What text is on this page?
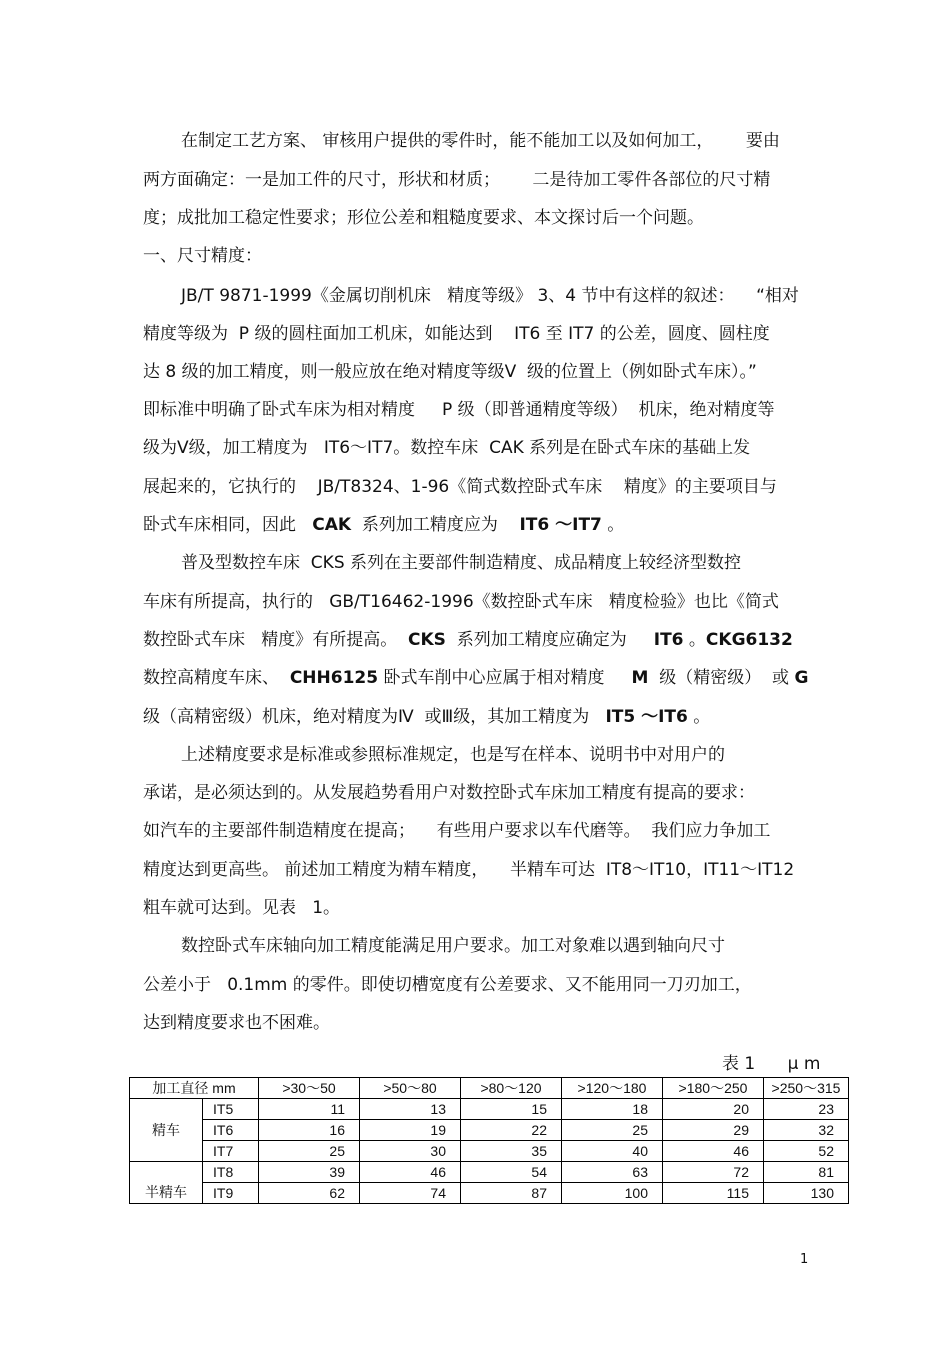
在制定工艺方案、 审核用户提供的零件时，能不能加工以及如何加工，      要由
两方面确定：一是加工件的尺寸，形状和材质；      二是待加工零件各部位的尺寸精
度；成批加工稳定性要求；形位公差和粗糙度要求、本文探讨后一个问题。
一、尺寸精度：
JB/T 9871-1999《金属切削机床   精度等级》 3、4 节中有这样的叙述：    “相对
精度等级为  P 级的圆柱面加工机床，如能达到    IT6 至 IT7 的公差，圆度、圆柱度
达 8 级的加工精度，则一般应放在绝对精度等级Ⅴ  级的位置上（例如卧式车床）。”
即标准中明确了卧式车床为相对精度     P 级（即普通精度等级）  机床，绝对精度等
级为Ⅴ级，加工精度为   IT6～IT7。数控车床  CAK 系列是在卧式车床的基础上发
展起来的，它执行的    JB/T8324、1-96《简式数控卧式车床    精度》的主要项目与
卧式车床相同，因此   CAK  系列加工精度应为    IT6 ～IT7 。
普及型数控车床  CKS 系列在主要部件制造精度、成品精度上较经济型数控
车床有所提高，执行的   GB/T16462-1996《数控卧式车床   精度检验》也比《简式
数控卧式车床   精度》有所提高。  CKS  系列加工精度应确定为     IT6 。CKG6132
数控高精度车床、  CHH6125 卧式车削中心应属于相对精度     M  级（精密级）  或 G
级（高精密级）机床，绝对精度为Ⅳ  或Ⅲ级，其加工精度为   IT5 ～IT6 。
上述精度要求是标准或参照标准规定，也是写在样本、说明书中对用户的
承诺，是必须达到的。从发展趋势看用户对数控卧式车床加工精度有提高的要求：
如汽车的主要部件制造精度在提高；    有些用户要求以车代磨等。  我们应力争加工
精度达到更高些。 前述加工精度为精车精度，    半精车可达  IT8～IT10，IT11～IT12
粗车就可达到。见表   1。
数控卧式车床轴向加工精度能满足用户要求。加工对象难以遇到轴向尺寸
公差小于   0.1mm 的零件。即使切槽宽度有公差要求、又不能用同一刀刃加工，
达到精度要求也不困难。
表 1      μ m
加工直径 mm		>30～50	>50～80	>80～120	>120～180	>180～250	>250～315
精车	IT5	11	13	15	18	20	23
	IT6	16	19	22	25	29	32
	IT7	25	30	35	40	46	52
半精车	IT8	39	46	54	63	72	81
	IT9	62	74	87	100	115	130
1
